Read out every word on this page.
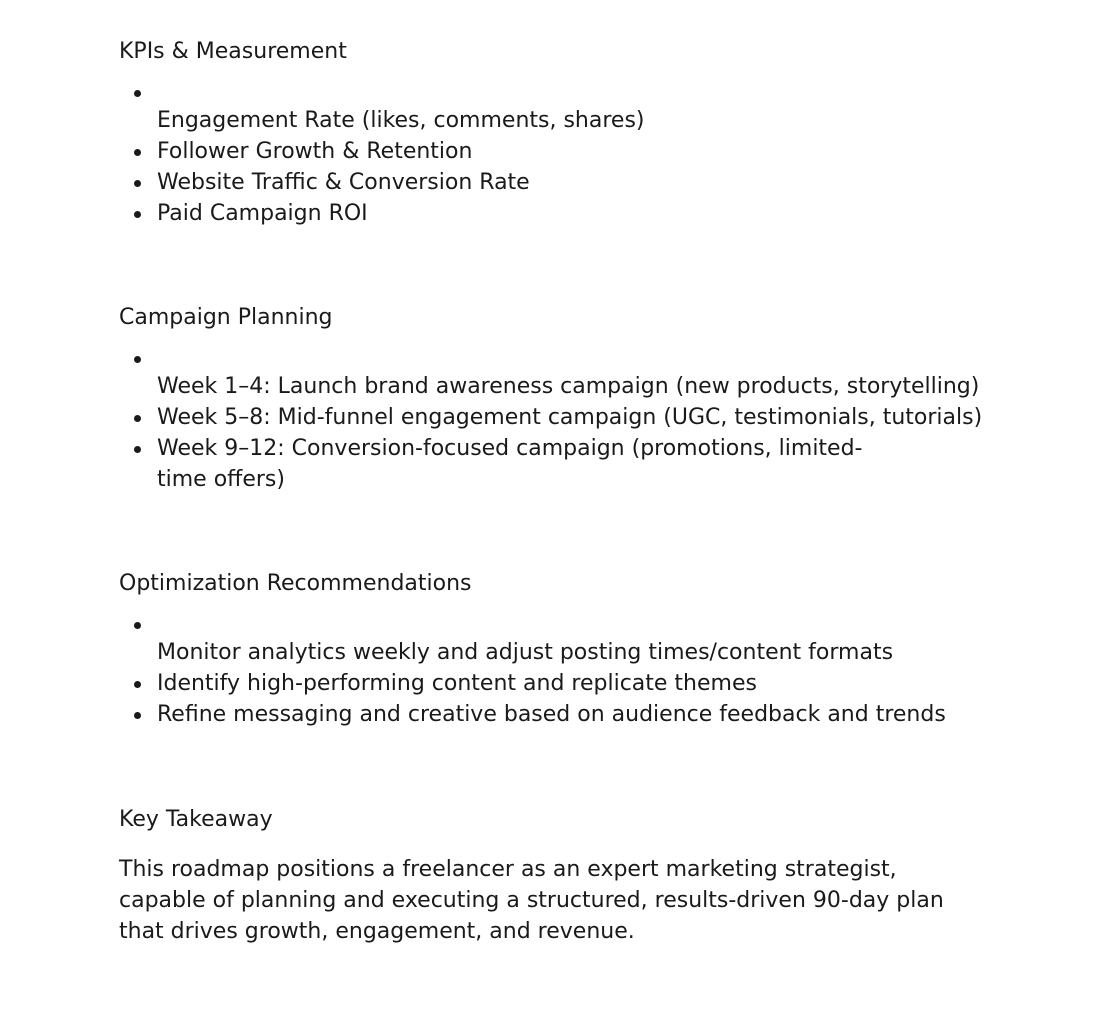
KPIs & Measurement
Engagement Rate (likes, comments, shares)
Follower Growth & Retention
Website Traffic & Conversion Rate
Paid Campaign ROI
Campaign Planning
Week 1–4: Launch brand awareness campaign (new products, storytelling)
Week 5–8: Mid-funnel engagement campaign (UGC, testimonials, tutorials)
Week 9–12: Conversion-focused campaign (promotions, limited-time offers)
Optimization Recommendations
Monitor analytics weekly and adjust posting times/content formats
Identify high-performing content and replicate themes
Refine messaging and creative based on audience feedback and trends
Key Takeaway

This roadmap positions a freelancer as an expert marketing strategist, capable of planning and executing a structured, results-driven 90-day plan that drives growth, engagement, and revenue.
